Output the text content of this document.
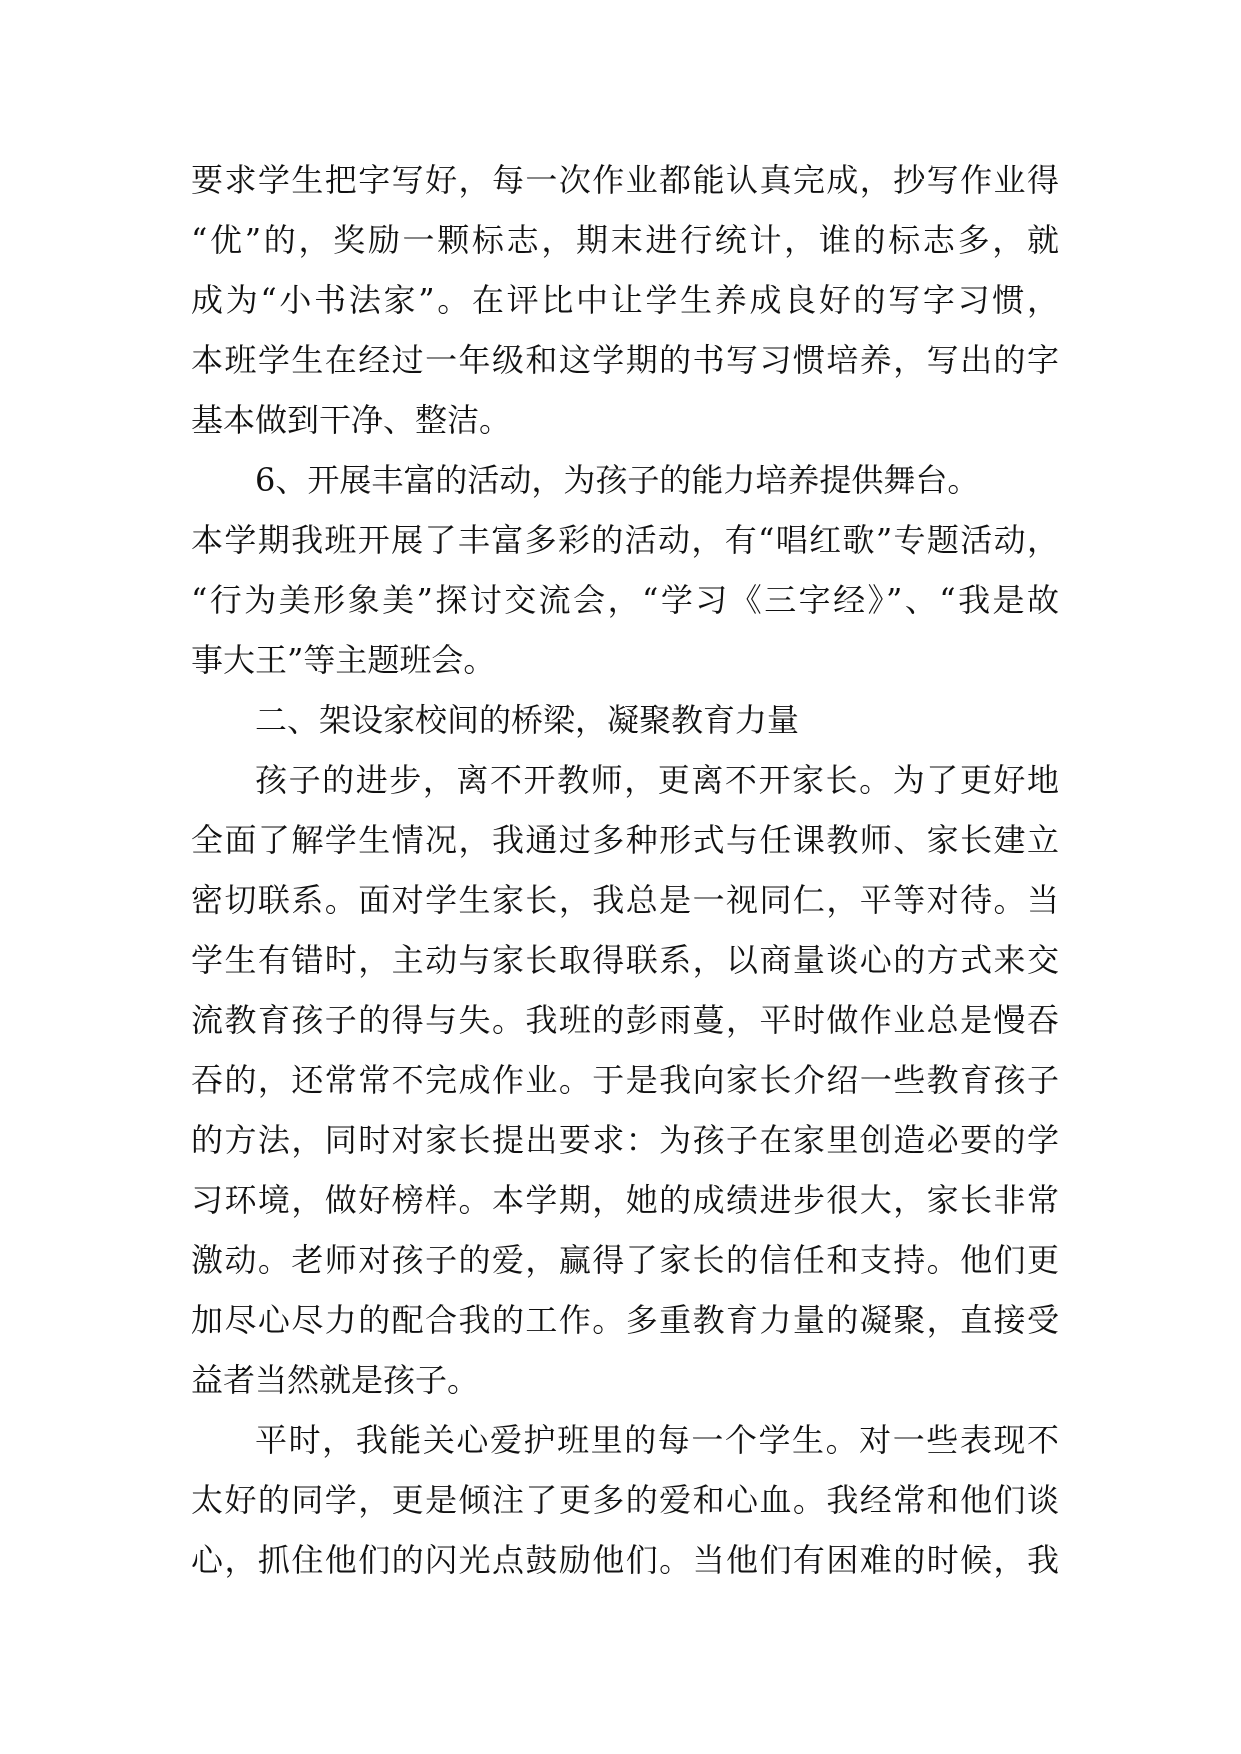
要求学生把字写好，每一次作业都能认真完成，抄写作业得
“优”的，奖励一颗标志，期末进行统计，谁的标志多，就
成为“小书法家”。在评比中让学生养成良好的写字习惯，
本班学生在经过一年级和这学期的书写习惯培养，写出的字
基本做到干净、整洁。
6、开展丰富的活动，为孩子的能力培养提供舞台。
本学期我班开展了丰富多彩的活动，有“唱红歌”专题活动，
“行为美形象美”探讨交流会，“学习《三字经》”、“我是故
事大王”等主题班会。
二、架设家校间的桥梁，凝聚教育力量
孩子的进步，离不开教师，更离不开家长。为了更好地
全面了解学生情况，我通过多种形式与任课教师、家长建立
密切联系。面对学生家长，我总是一视同仁，平等对待。当
学生有错时，主动与家长取得联系，以商量谈心的方式来交
流教育孩子的得与失。我班的彭雨蔓，平时做作业总是慢吞
吞的，还常常不完成作业。于是我向家长介绍一些教育孩子
的方法，同时对家长提出要求：为孩子在家里创造必要的学
习环境，做好榜样。本学期，她的成绩进步很大，家长非常
激动。老师对孩子的爱，赢得了家长的信任和支持。他们更
加尽心尽力的配合我的工作。多重教育力量的凝聚，直接受
益者当然就是孩子。
平时，我能关心爱护班里的每一个学生。对一些表现不
太好的同学，更是倾注了更多的爱和心血。我经常和他们谈
心，抓住他们的闪光点鼓励他们。当他们有困难的时候，我
